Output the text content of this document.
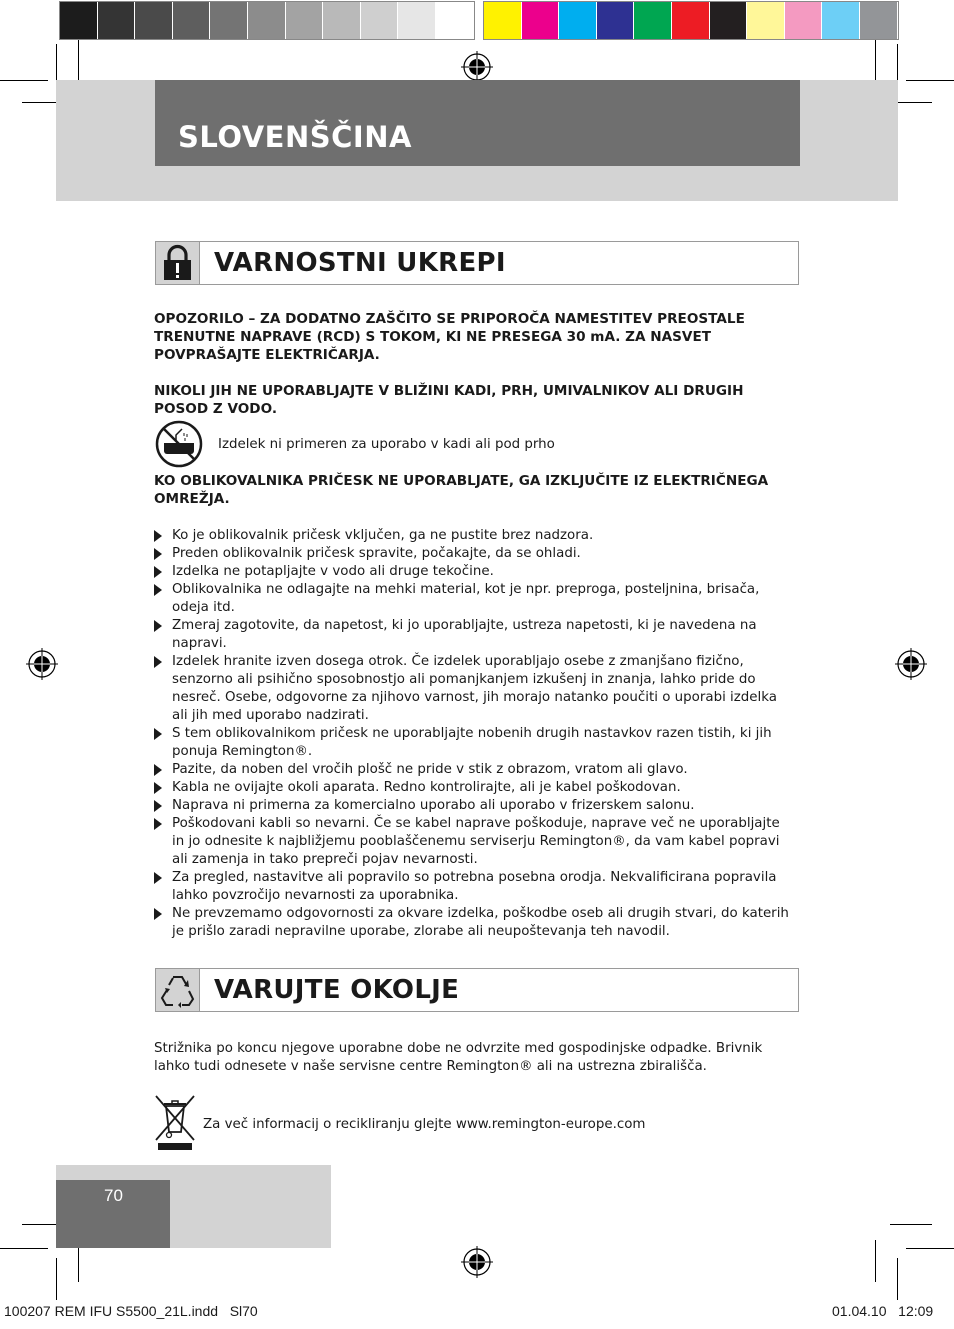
SLOVENŠČINA
VARNOSTNI UKREPI
OPOZORILO – ZA DODATNO ZAŠČITO SE PRIPOROČA NAMESTITEV PREOSTALE TRENUTNE NAPRAVE (RCD) S TOKOM, KI NE PRESEGA 30 mA. ZA NASVET POVPRAŠAJTE ELEKTRIČARJA.
NIKOLI JIH NE UPORABLJAJTE V BLIŽINI KADI, PRH, UMIVALNIKOV ALI DRUGIH POSOD Z VODO.
Izdelek ni primeren za uporabo v kadi ali pod prho
KO OBLIKOVALNIKA PRIČESK NE UPORABLJATE, GA IZKLJUČITE IZ ELEKTRIČNEGA OMREŽJA.
Ko je oblikovalnik pričesk vključen, ga ne pustite brez nadzora.
Preden oblikovalnik pričesk spravite, počakajte, da se ohladi.
Izdelka ne potapljajte v vodo ali druge tekočine.
Oblikovalnika ne odlagajte na mehki material, kot je npr. preproga, posteljnina, brisača, odeja itd.
Zmeraj zagotovite, da napetost, ki jo uporabljajte, ustreza napetosti, ki je navedena na napravi.
Izdelek hranite izven dosega otrok. Če izdelek uporabljajo osebe z zmanjšano fizično, senzorno ali psihično sposobnostjo ali pomanjkanjem izkušenj in znanja, lahko pride do nesreč. Osebe, odgovorne za njihovo varnost, jih morajo natanko poučiti o uporabi izdelka ali jih med uporabo nadzirati.
S tem oblikovalnikom pričesk ne uporabljajte nobenih drugih nastavkov razen tistih, ki jih ponuja Remington®.
Pazite, da noben del vročih plošč ne pride v stik z obrazom, vratom ali glavo.
Kabla ne ovijajte okoli aparata. Redno kontrolirajte, ali je kabel poškodovan.
Naprava ni primerna za komercialno uporabo ali uporabo v frizerskem salonu.
Poškodovani kabli so nevarni. Če se kabel naprave poškoduje, naprave več ne uporabljajte in jo odnesite k najbližjemu pooblaščenemu serviserju Remington®, da vam kabel popravi ali zamenja in tako prepreči pojav nevarnosti.
Za pregled, nastavitve ali popravilo so potrebna posebna orodja. Nekvalificirana popravila lahko povzročijo nevarnosti za uporabnika.
Ne prevzemamo odgovornosti za okvare izdelka, poškodbe oseb ali drugih stvari, do katerih je prišlo zaradi nepravilne uporabe, zlorabe ali neupoštevanja teh navodil.
VARUJTE OKOLJE
Strižnika po koncu njegove uporabne dobe ne odvrzite med gospodinjske odpadke. Brivnik lahko tudi odnesete v naše servisne centre Remington® ali na ustrezna zbirališča.
Za več informacij o recikliranju glejte www.remington-europe.com
70
100207 REM IFU S5500_21L.indd   Sl70	01.04.10   12:09
